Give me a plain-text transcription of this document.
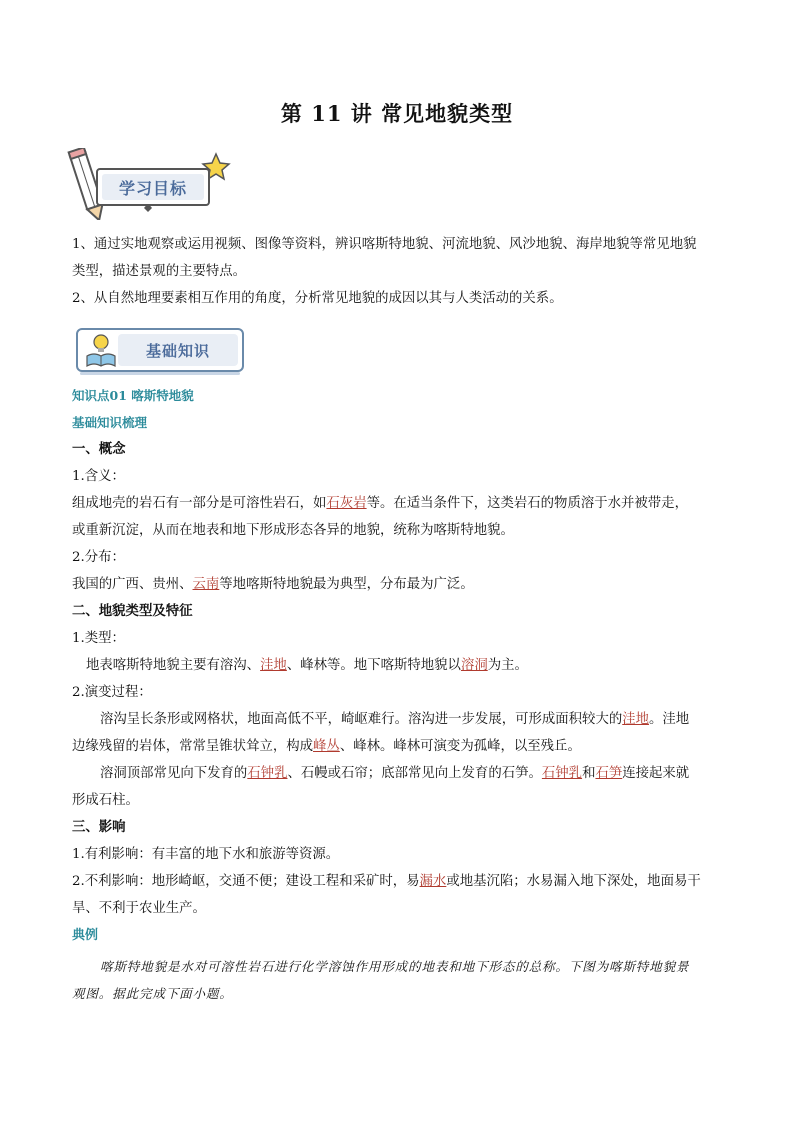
第 11 讲 常见地貌类型
学习目标
1、通过实地观察或运用视频、图像等资料，辨识喀斯特地貌、河流地貌、风沙地貌、海岸地貌等常见地貌
类型，描述景观的主要特点。
2、从自然地理要素相互作用的角度，分析常见地貌的成因以其与人类活动的关系。
基础知识
知识点01 喀斯特地貌
基础知识梳理
一、概念
1.含义：
组成地壳的岩石有一部分是可溶性岩石，如石灰岩等。在适当条件下，这类岩石的物质溶于水并被带走，
或重新沉淀，从而在地表和地下形成形态各异的地貌，统称为喀斯特地貌。
2.分布：
我国的广西、贵州、云南等地喀斯特地貌最为典型，分布最为广泛。
二、地貌类型及特征
1.类型：
地表喀斯特地貌主要有溶沟、洼地、峰林等。地下喀斯特地貌以溶洞为主。
2.演变过程：
溶沟呈长条形或网格状，地面高低不平，崎岖难行。溶沟进一步发展，可形成面积较大的洼地。洼地
边缘残留的岩体，常常呈锥状耸立，构成峰丛、峰林。峰林可演变为孤峰，以至残丘。
溶洞顶部常见向下发育的石钟乳、石幔或石帘；底部常见向上发育的石笋。石钟乳和石笋连接起来就
形成石柱。
三、影响
1.有利影响：有丰富的地下水和旅游等资源。
2.不利影响：地形崎岖，交通不便；建设工程和采矿时，易漏水或地基沉陷；水易漏入地下深处，地面易干
旱、不利于农业生产。
典例
喀斯特地貌是水对可溶性岩石进行化学溶蚀作用形成的地表和地下形态的总称。下图为喀斯特地貌景
观图。据此完成下面小题。
